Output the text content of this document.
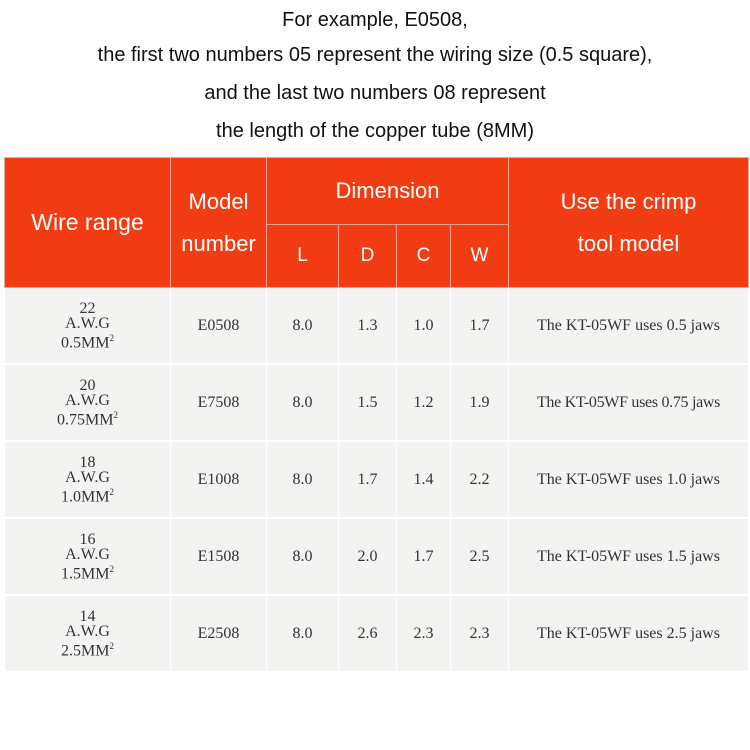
For example, E0508,
the first two numbers 05 represent the wiring size (0.5 square),
and the last two numbers 08 represent
the length of the copper tube (8MM)
Wire range	Model
number	Dimension				Use the crimp
tool model
		L	D	C	W	
22
A.W.G
$0.5MM^2$	E0508	8.0	1.3	1.0	1.7	The KT-05WF uses 0.5 jaws
20
A.W.G
$0.75MM^2$	E7508	8.0	1.5	1.2	1.9	The KT-05WF uses 0.75 jaws
18
A.W.G
$1.0MM^2$	E1008	8.0	1.7	1.4	2.2	The KT-05WF uses 1.0 jaws
16
A.W.G
$1.5MM^2$	E1508	8.0	2.0	1.7	2.5	The KT-05WF uses 1.5 jaws
14
A.W.G
$2.5MM^2$	E2508	8.0	2.6	2.3	2.3	The KT-05WF uses 2.5 jaws
